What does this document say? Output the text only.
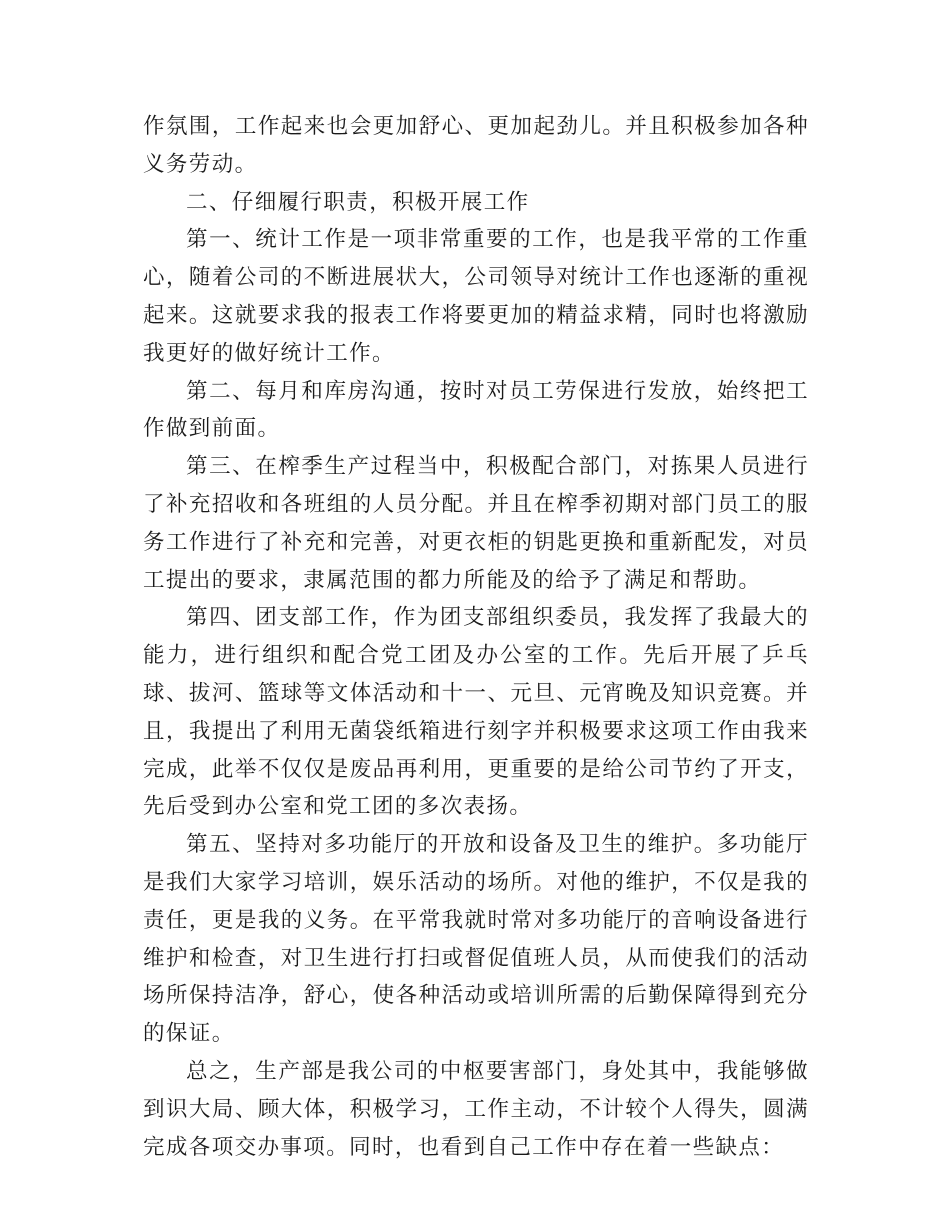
作氛围，工作起来也会更加舒心、更加起劲儿。并且积极参加各种义务劳动。

二、仔细履行职责，积极开展工作

第一、统计工作是一项非常重要的工作，也是我平常的工作重心，随着公司的不断进展状大，公司领导对统计工作也逐渐的重视起来。这就要求我的报表工作将要更加的精益求精，同时也将激励我更好的做好统计工作。

第二、每月和库房沟通，按时对员工劳保进行发放，始终把工作做到前面。

第三、在榨季生产过程当中，积极配合部门，对拣果人员进行了补充招收和各班组的人员分配。并且在榨季初期对部门员工的服务工作进行了补充和完善，对更衣柜的钥匙更换和重新配发，对员工提出的要求，隶属范围的都力所能及的给予了满足和帮助。

第四、团支部工作，作为团支部组织委员，我发挥了我最大的能力，进行组织和配合党工团及办公室的工作。先后开展了乒乓球、拔河、篮球等文体活动和十一、元旦、元宵晚及知识竞赛。并且，我提出了利用无菌袋纸箱进行刻字并积极要求这项工作由我来完成，此举不仅仅是废品再利用，更重要的是给公司节约了开支，先后受到办公室和党工团的多次表扬。

第五、坚持对多功能厅的开放和设备及卫生的维护。多功能厅是我们大家学习培训，娱乐活动的场所。对他的维护，不仅是我的责任，更是我的义务。在平常我就时常对多功能厅的音响设备进行维护和检查，对卫生进行打扫或督促值班人员，从而使我们的活动场所保持洁净，舒心，使各种活动或培训所需的后勤保障得到充分的保证。

总之，生产部是我公司的中枢要害部门，身处其中，我能够做到识大局、顾大体，积极学习，工作主动，不计较个人得失，圆满完成各项交办事项。同时，也看到自己工作中存在着一些缺点：
